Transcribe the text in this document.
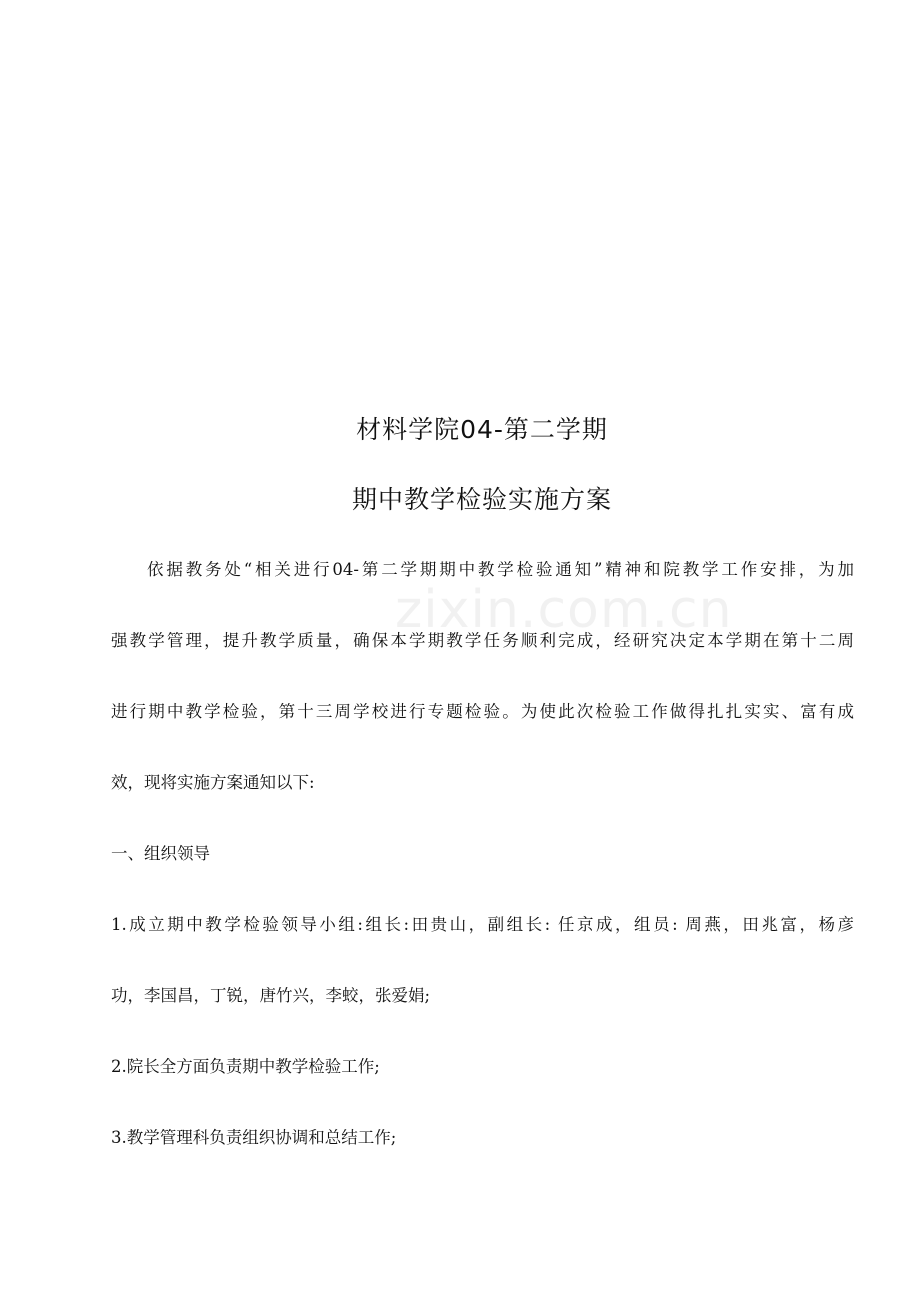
zixin.com.cn
材料学院04-第二学期
期中教学检验实施方案
依据教务处“相关进行04-第二学期期中教学检验通知”精神和院教学工作安排，为加
强教学管理，提升教学质量，确保本学期教学任务顺利完成，经研究决定本学期在第十二周
进行期中教学检验，第十三周学校进行专题检验。为使此次检验工作做得扎扎实实、富有成
效，现将实施方案通知以下:
一、组织领导
1.成立期中教学检验领导小组:组长:田贵山，副组长: 任京成，组员: 周燕，田兆富，杨彦
功，李国昌，丁锐，唐竹兴，李蛟，张爱娟;
2.院长全方面负责期中教学检验工作;
3.教学管理科负责组织协调和总结工作;
